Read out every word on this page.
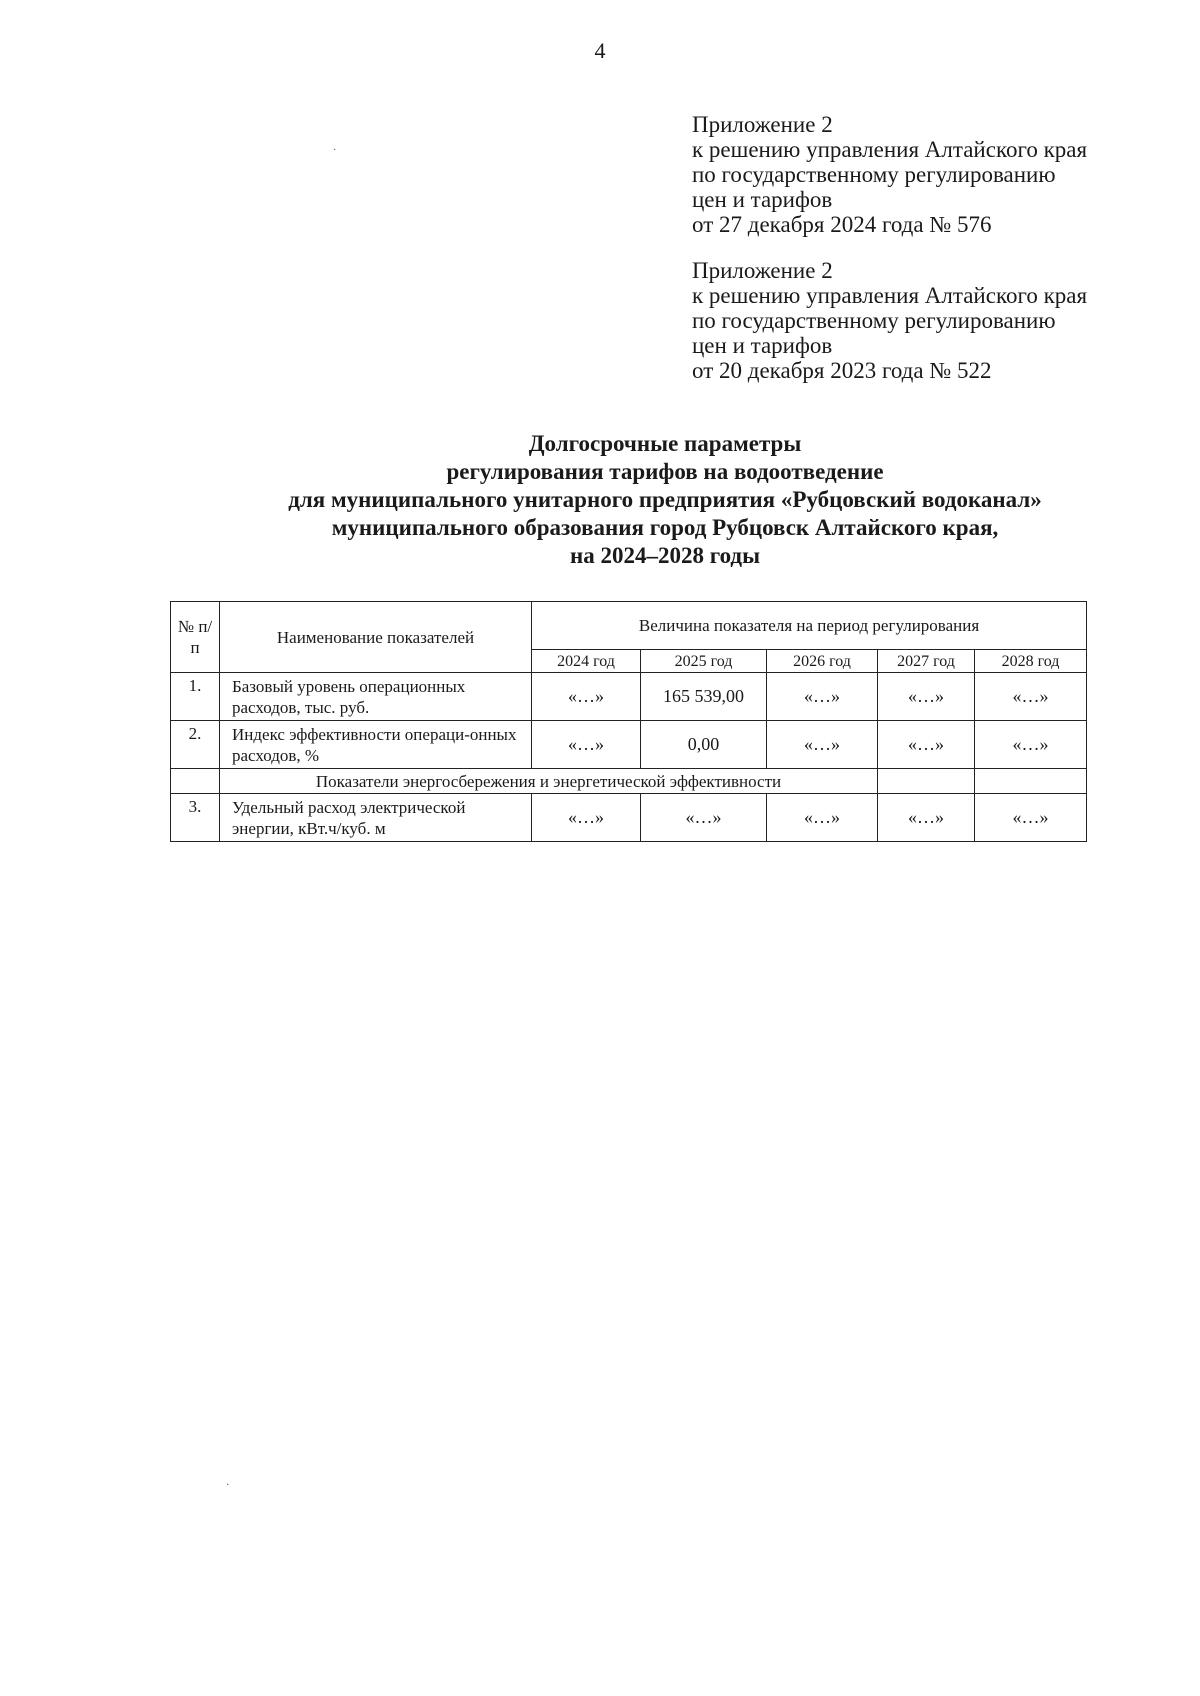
4
Приложение 2
к решению управления Алтайского края
по государственному регулированию
цен и тарифов
от 27 декабря 2024 года № 576
Приложение 2
к решению управления Алтайского края
по государственному регулированию
цен и тарифов
от 20 декабря 2023 года № 522
Долгосрочные параметры
регулирования тарифов на водоотведение
для муниципального унитарного предприятия «Рубцовский водоканал»
муниципального образования город Рубцовск Алтайского края,
на 2024–2028 годы
№ п/п	Наименование показателей	Величина показателя на период регулирования				
		2024 год	2025 год	2026 год	2027 год	2028 год
1.	Базовый уровень операционных расходов, тыс. руб.	«…»	165 539,00	«…»	«…»	«…»
2.	Индекс эффективности операци-онных расходов, %	«…»	0,00	«…»	«…»	«…»
	Показатели энергосбережения и энергетической эффективности					
3.	Удельный расход электрической энергии, кВт.ч/куб. м	«…»	«…»	«…»	«…»	«…»
·
·
